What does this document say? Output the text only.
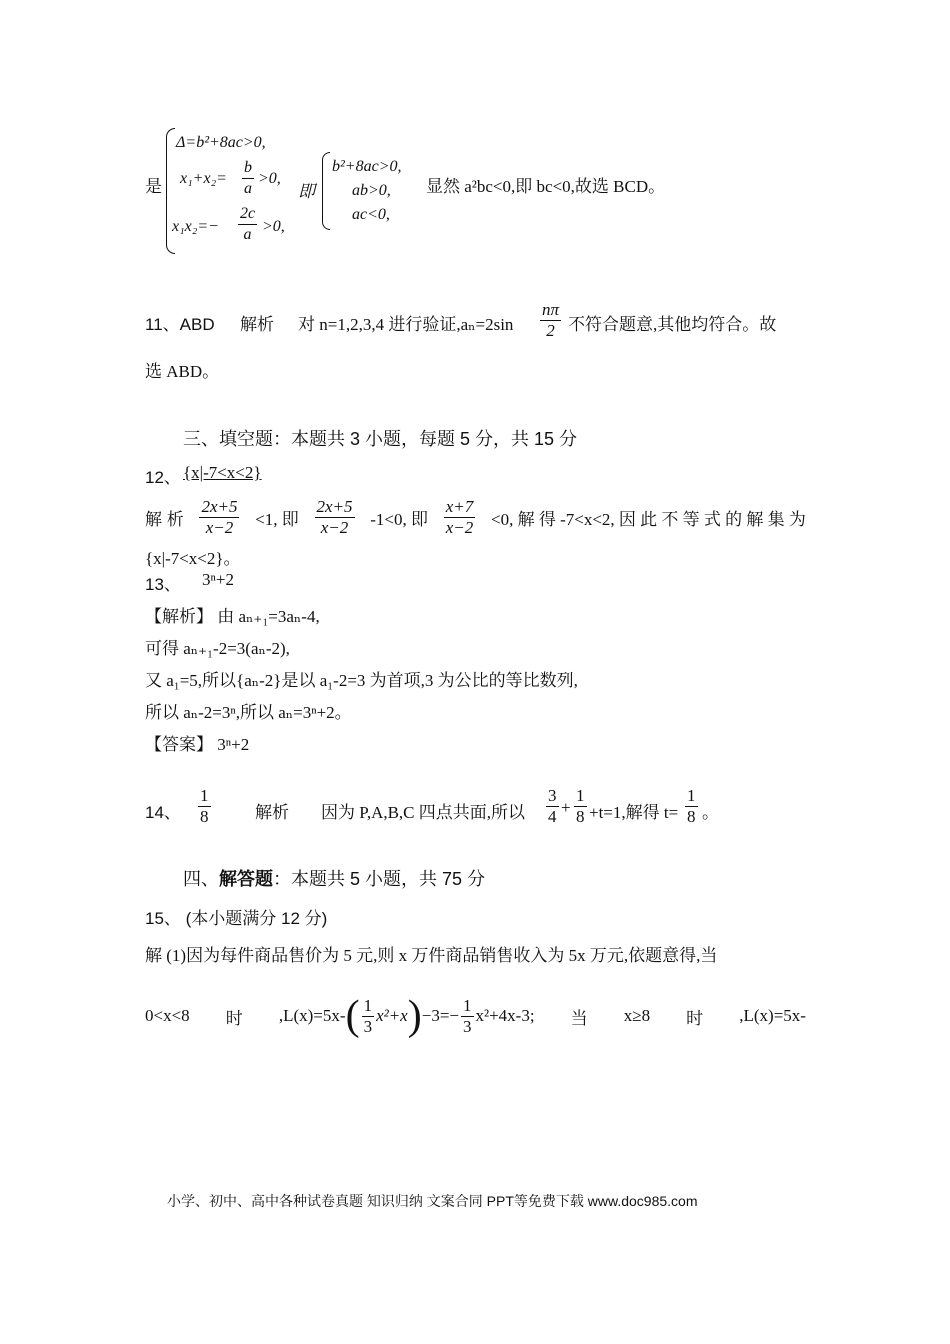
是
Δ=b²+8ac>0,
$x_1+x_2= \frac{b}{a} >0$,
$x_1x_2=- \frac{2c}{a} >0$,
即
b²+8ac>0,
ab>0,
ac<0,
显然 a²bc<0,即 bc<0,故选 BCD。
11、ABD 解析 对 n=1,2,3,4 进行验证$,a_n=2\sin \frac{n\pi}{2}$ 不符合题意,其他均符合。故
选 ABD。
三、填空题：本题共 3 小题，每题 5 分，共 15 分
12、 {x|-7<x<2}
解 析 $\frac{2x+5}{x-2} <1$, 即 $\frac{2x+5}{x-2} -1<0$, 即 $\frac{x+7}{x-2} <0$, 解 得 -7<x<2, 因 此 不 等 式 的 解 集 为
{x|-7<x<2}。
13、 3ⁿ+2
【解析】 由 aₙ₊₁=3aₙ-4,
可得 aₙ₊₁-2=3(aₙ-2),
又 a₁=5,所以{aₙ-2}是以 a₁-2=3 为首项,3 为公比的等比数列,
所以 aₙ-2=3ⁿ,所以 aₙ=3ⁿ+2。
【答案】 3ⁿ+2
14、 $\frac{1}{8}$	解析 因为 P,A,B,C 四点共面,所以 $\frac{3}{4} + \frac{1}{8} +t=1$,解得 $t= \frac{1}{8}$ 。
四、解答题：本题共 5 小题，共 75 分
15、 (本小题满分 12 分)
解 (1)因为每件商品售价为 5 元,则 x 万件商品销售收入为 5x 万元,依题意得,当
0<x<8 时 ,L(x)=5x- ( $\frac{1}{3} x^2+x$ ) $-3=- \frac{1}{3} x^2+4x-3$; 当 x≥8 时 ,L(x)=5x-
小学、初中、高中各种试卷真题 知识归纳 文案合同 PPT等免费下载 www.doc985.com
